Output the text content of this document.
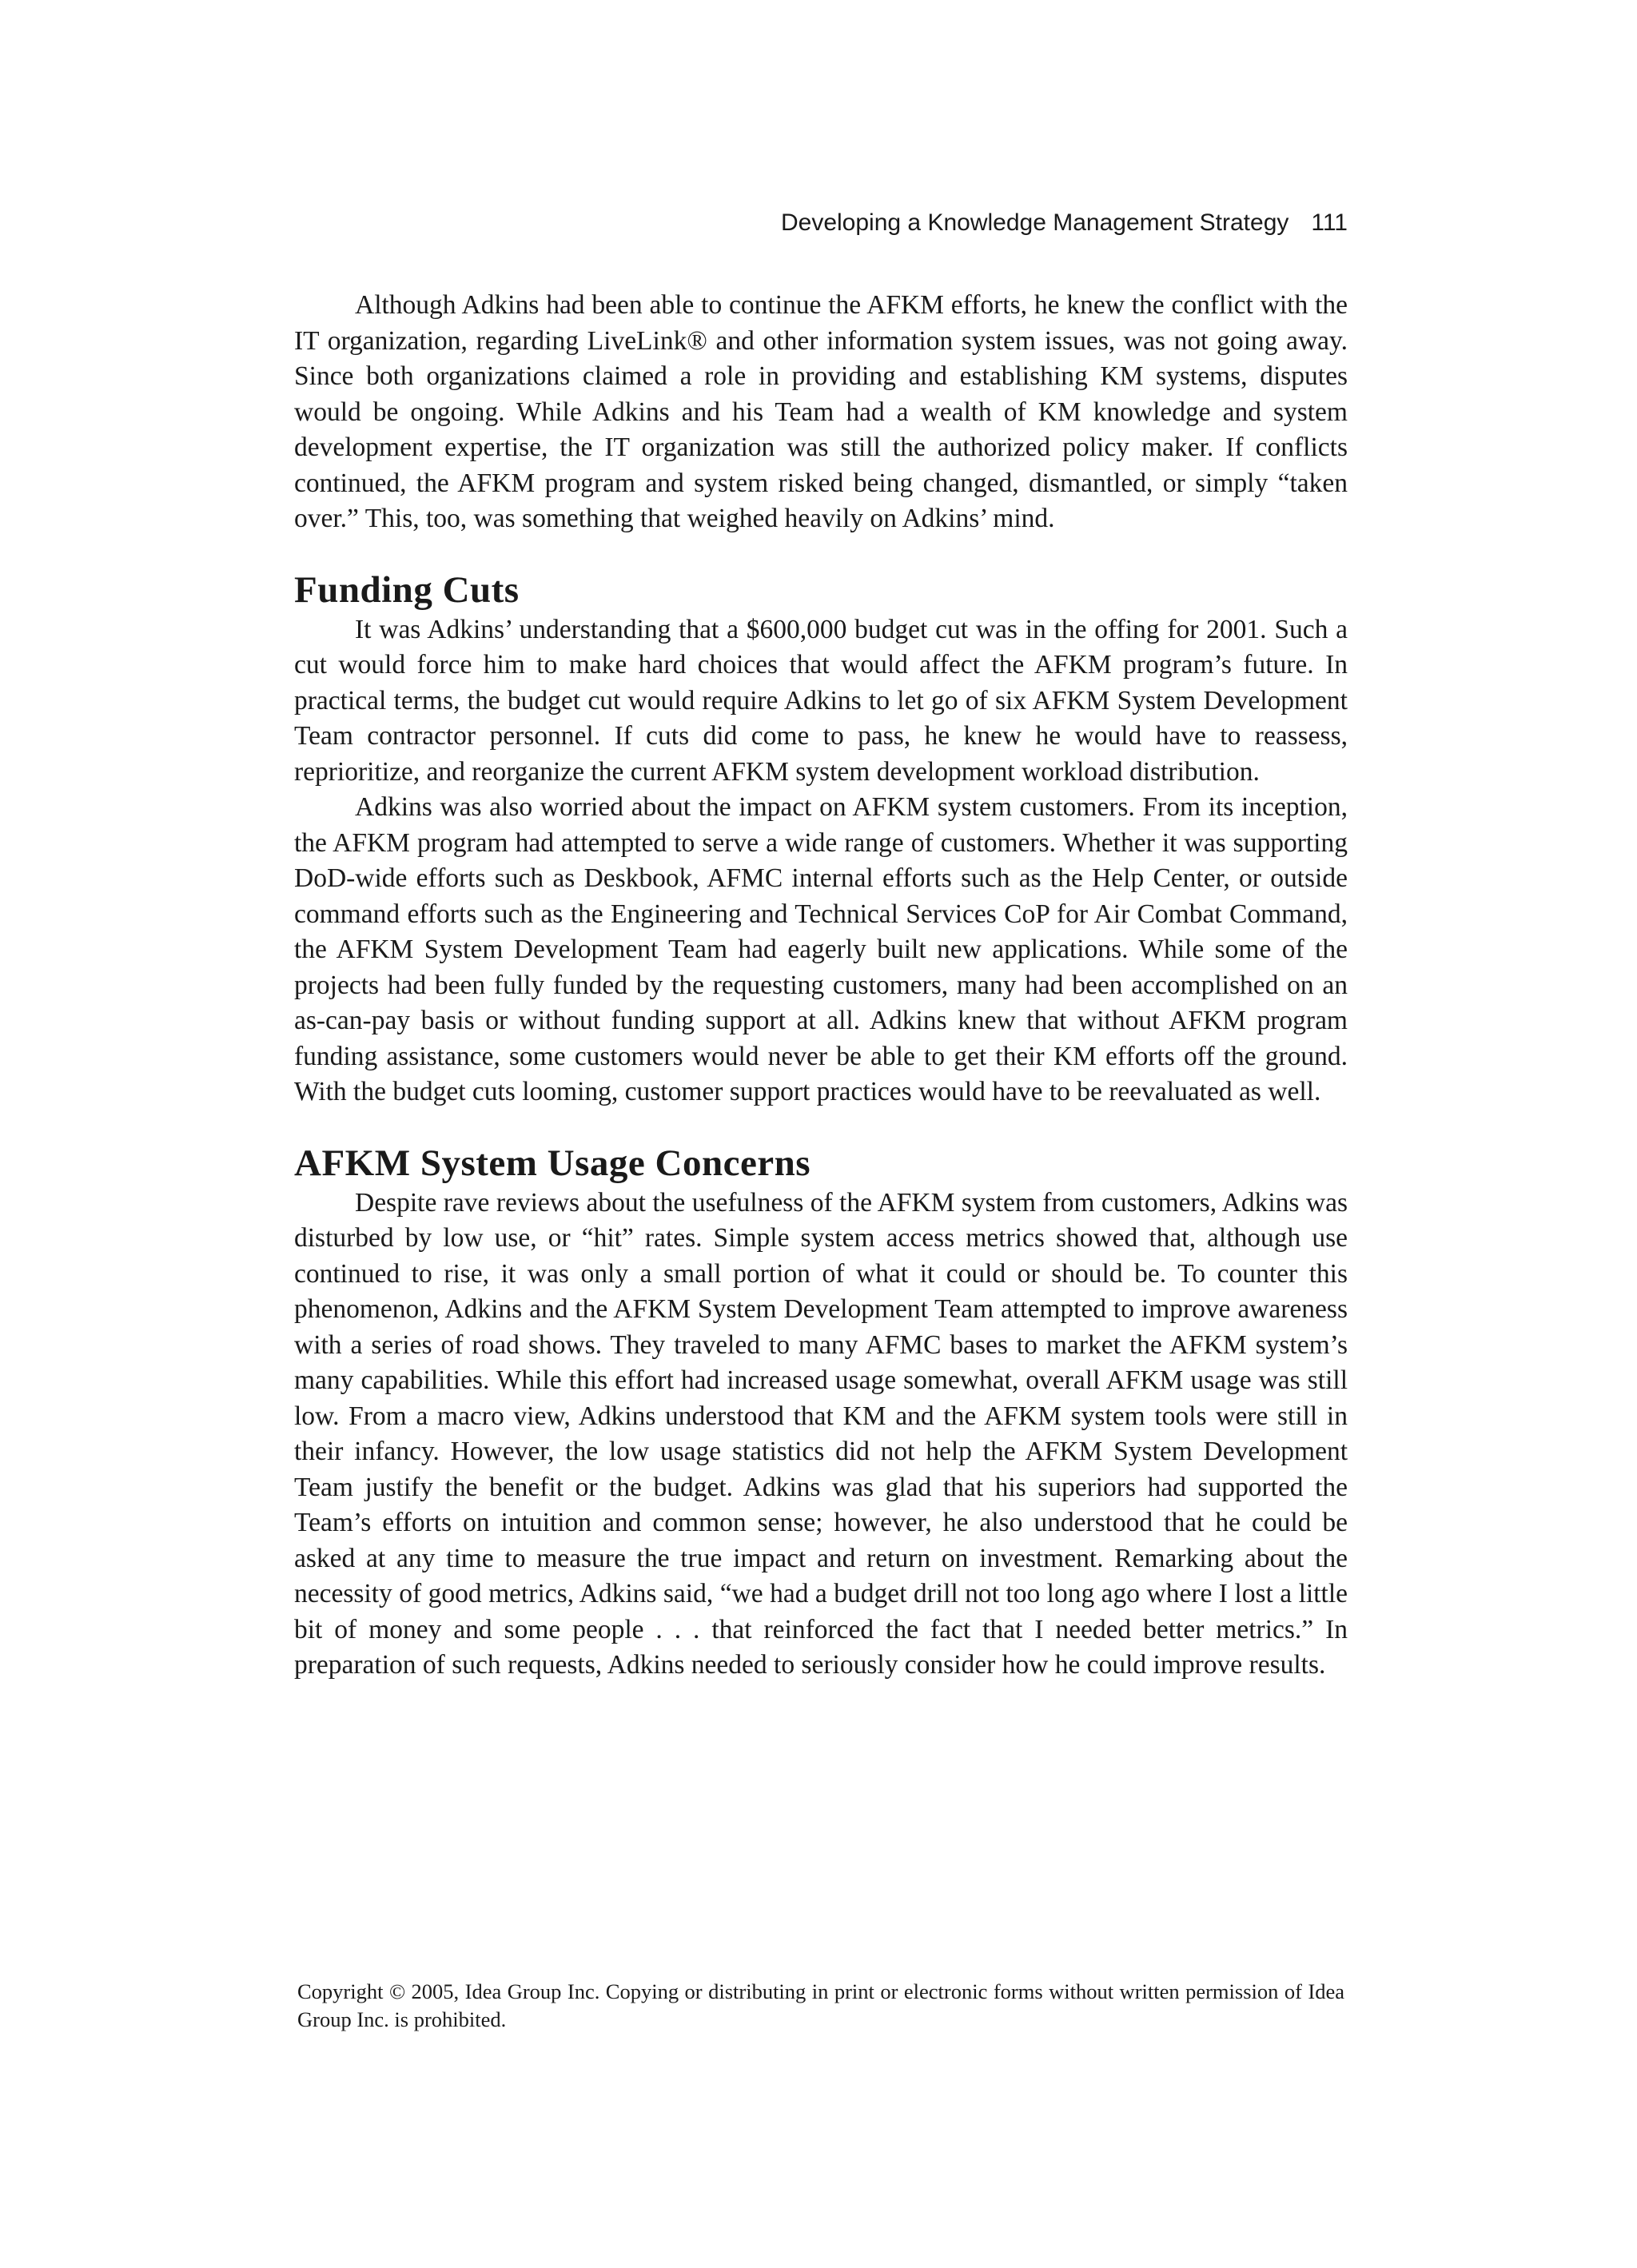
Developing a Knowledge Management Strategy 111

Although Adkins had been able to continue the AFKM efforts, he knew the conflict with the IT organization, regarding LiveLink® and other information system issues, was not going away. Since both organizations claimed a role in providing and establishing KM systems, disputes would be ongoing. While Adkins and his Team had a wealth of KM knowledge and system development expertise, the IT organization was still the authorized policy maker. If conflicts continued, the AFKM program and system risked being changed, dismantled, or simply “taken over.” This, too, was something that weighed heavily on Adkins’ mind.

Funding Cuts

It was Adkins’ understanding that a $600,000 budget cut was in the offing for 2001. Such a cut would force him to make hard choices that would affect the AFKM program’s future. In practical terms, the budget cut would require Adkins to let go of six AFKM System Development Team contractor personnel. If cuts did come to pass, he knew he would have to reassess, reprioritize, and reorganize the current AFKM system development workload distribution.

Adkins was also worried about the impact on AFKM system customers. From its inception, the AFKM program had attempted to serve a wide range of customers. Whether it was supporting DoD-wide efforts such as Deskbook, AFMC internal efforts such as the Help Center, or outside command efforts such as the Engineering and Technical Services CoP for Air Combat Command, the AFKM System Development Team had eagerly built new applications. While some of the projects had been fully funded by the requesting customers, many had been accomplished on an as-can-pay basis or without funding support at all. Adkins knew that without AFKM program funding assistance, some customers would never be able to get their KM efforts off the ground. With the budget cuts looming, customer support practices would have to be reevaluated as well.

AFKM System Usage Concerns

Despite rave reviews about the usefulness of the AFKM system from customers, Adkins was disturbed by low use, or “hit” rates. Simple system access metrics showed that, although use continued to rise, it was only a small portion of what it could or should be. To counter this phenomenon, Adkins and the AFKM System Development Team attempted to improve awareness with a series of road shows. They traveled to many AFMC bases to market the AFKM system’s many capabilities. While this effort had increased usage somewhat, overall AFKM usage was still low. From a macro view, Adkins understood that KM and the AFKM system tools were still in their infancy. However, the low usage statistics did not help the AFKM System Development Team justify the benefit or the budget. Adkins was glad that his superiors had supported the Team’s efforts on intuition and common sense; however, he also understood that he could be asked at any time to measure the true impact and return on investment. Remarking about the necessity of good metrics, Adkins said, “we had a budget drill not too long ago where I lost a little bit of money and some people . . . that reinforced the fact that I needed better metrics.” In preparation of such requests, Adkins needed to seriously consider how he could improve results.

Copyright © 2005, Idea Group Inc. Copying or distributing in print or electronic forms without written permission of Idea Group Inc. is prohibited.
